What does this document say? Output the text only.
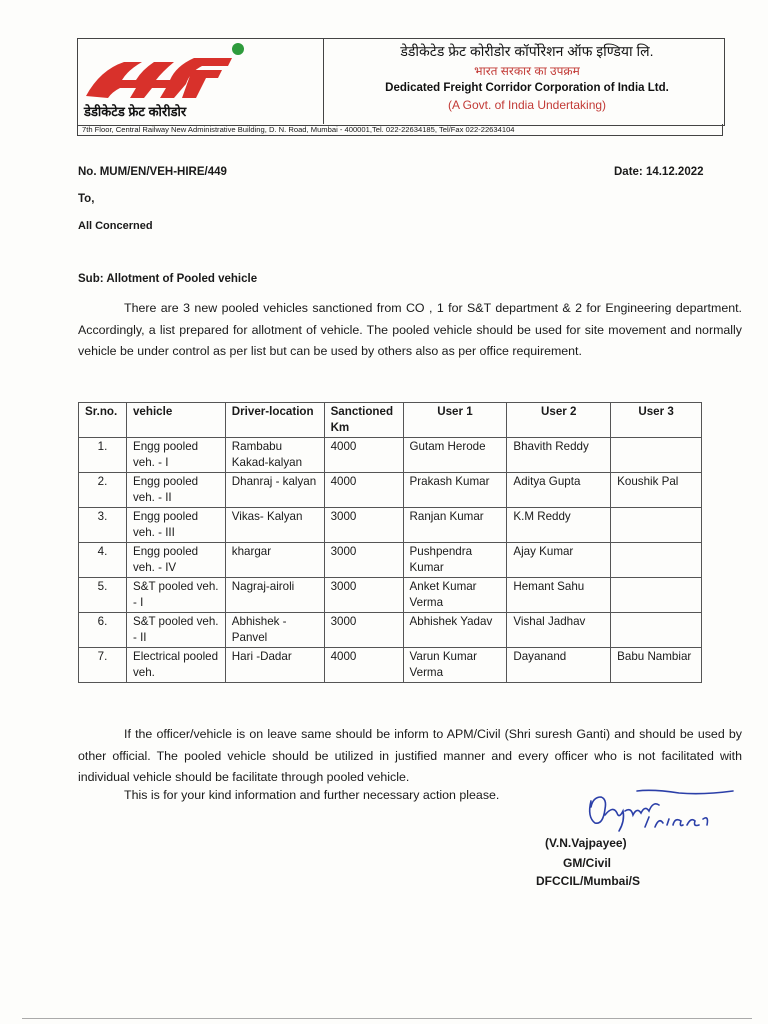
डेडीकेटेड फ्रेट कोरीडोर
डेडीकेटेड फ्रेट कोरीडोर कॉर्पोरेशन ऑफ इण्डिया लि.
भारत सरकार का उपक्रम
Dedicated Freight Corridor Corporation of India Ltd.
(A Govt. of India Undertaking)
7th Floor, Central Railway New Administrative Building, D. N. Road, Mumbai - 400001,Tel. 022-22634185, Tel/Fax 022-22634104
No. MUM/EN/VEH-HIRE/449	Date: 14.12.2022
To,
All Concerned
Sub: Allotment of Pooled vehicle
There are 3 new pooled vehicles sanctioned from CO , 1 for S&T department & 2 for Engineering department. Accordingly, a list prepared for allotment of vehicle. The pooled vehicle should be used for site movement and normally vehicle be under control as per list but can be used by others also as per office requirement.
Sr.no.	vehicle	Driver-location	Sanctioned Km	User 1	User 2	User 3
1.	Engg pooled veh. - I	Rambabu Kakad-kalyan	4000	Gutam Herode	Bhavith Reddy	
2.	Engg pooled veh. - II	Dhanraj - kalyan	4000	Prakash Kumar	Aditya Gupta	Koushik Pal
3.	Engg pooled veh. - III	Vikas- Kalyan	3000	Ranjan Kumar	K.M Reddy	
4.	Engg pooled veh. - IV	khargar	3000	Pushpendra Kumar	Ajay Kumar	
5.	S&T pooled veh. - I	Nagraj-airoli	3000	Anket Kumar Verma	Hemant Sahu	
6.	S&T pooled veh. - II	Abhishek - Panvel	3000	Abhishek Yadav	Vishal Jadhav	
7.	Electrical pooled veh.	Hari -Dadar	4000	Varun Kumar Verma	Dayanand	Babu Nambiar
If the officer/vehicle is on leave same should be inform to APM/Civil (Shri suresh Ganti) and should be used by other official. The pooled vehicle should be utilized in justified manner and every officer who is not facilitated with individual vehicle should be facilitate through pooled vehicle.
This is for your kind information and further necessary action please.
(V.N.Vajpayee)
GM/Civil
DFCCIL/Mumbai/S
